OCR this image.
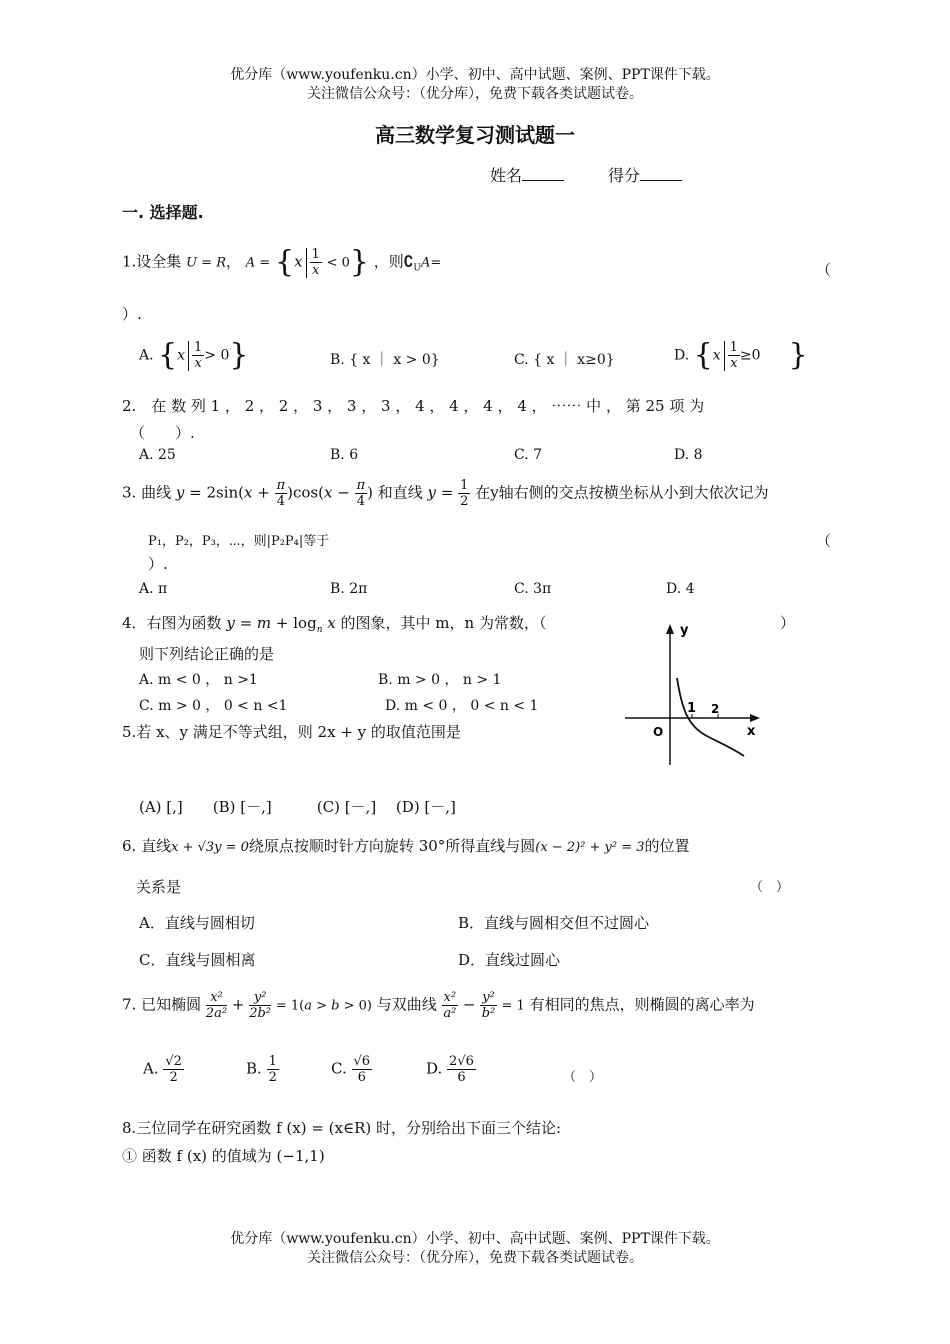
优分库（www.youfenku.cn）小学、初中、高中试题、案例、PPT课件下载。
关注微信公众号：（优分库），免费下载各类试题试卷。
高三数学复习测试题一
姓名	得分
一. 选择题.
1.设全集 U = R， $A = \{x \frac{1}{x} < 0\}$ ，则$∁_UA=$	（
）.
A. $\{x \frac{1}{x} > 0\}$	B. { x ｜ x > 0}	C. { x ｜ x≥0}	D. {$x \frac{1}{x} \ge 0$　　 }
2.　在 数 列 1 ， 2 ， 2 ， 3 ， 3 ， 3 ， 4 ， 4 ， 4 ， 4 ， ⋯⋯ 中 ， 第 25 项 为
（　　）.
A. 25	B. 6	C. 7	D. 8
3. 曲线 $y = 2\sin(x + \frac{\pi}{4} )\cos(x - \frac{\pi}{4}$ ) 和直线 $y = \frac{1}{2}$ 在y轴右侧的交点按横坐标从小到大依次记为
P₁，P₂，P₃，⋯，则|P₂P₄|等于	（
）.
A. π	B. 2π	C. 3π	D. 4
4．右图为函数 $y = m + \log_n x$ 的图象，其中 m，n 为常数，（	）
则下列结论正确的是
A. m < 0 ， n >1	B. m > 0 ， n > 1
C. m > 0 ， 0 < n <1	D. m < 0 ， 0 < n < 1
y
x
O
1 2
5.若 x、y 满足不等式组，则 2x + y 的取值范围是
(A) [,]　　(B) [－,]　　　(C) [－,]　 (D) [－,]
6. 直线x + √3y = 0绕原点按顺时针方向旋转 30°所得直线与圆(x − 2)² + y² = 3的位置
关系是	（　）
A．直线与圆相切	B．直线与圆相交但不过圆心
C．直线与圆相离	D．直线过圆心
7. 已知椭圆 $\frac{\text{x²}}{\text{2a²}} + \frac{\text{y²}}{\text{2b²}} = 1(a > b > 0)$ 与双曲线 $\frac{\text{x²}}{\text{a²}} - \frac{\text{y²}}{\text{b²}} = 1$ 有相同的焦点，则椭圆的离心率为
A. $\frac{√2}{2}$	B. $\frac{1}{2}$	C. $\frac{√6}{6}$	D. $\frac{2√6}{6}$	（　）
8.三位同学在研究函数 f (x) = (x∈R) 时，分别给出下面三个结论:
① 函数 f (x) 的值域为 (−1,1)
优分库（www.youfenku.cn）小学、初中、高中试题、案例、PPT课件下载。
关注微信公众号：（优分库），免费下载各类试题试卷。
